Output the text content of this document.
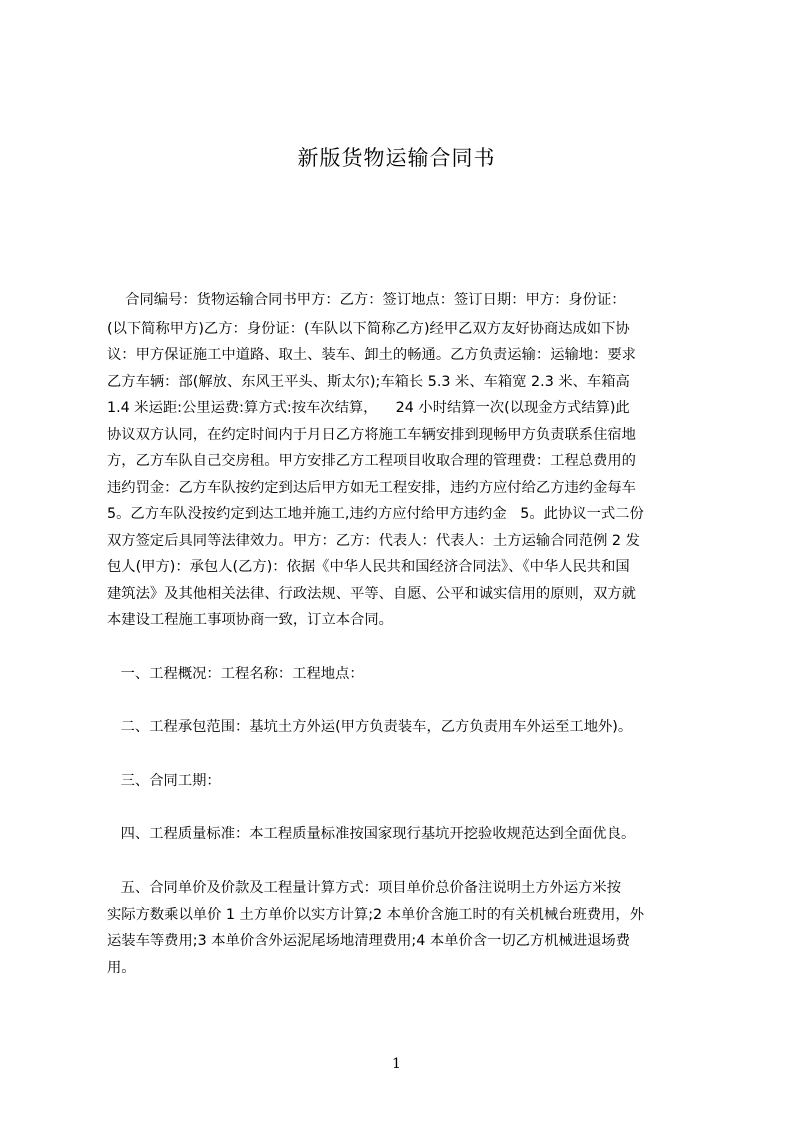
新版货物运输合同书
合同编号：货物运输合同书甲方：乙方：签订地点：签订日期：甲方：身份证：
(以下简称甲方)乙方：身份证：(车队以下简称乙方)经甲乙双方友好协商达成如下协
议：甲方保证施工中道路、取土、装车、卸土的畅通。乙方负责运输：运输地：要求
乙方车辆：部(解放、东风王平头、斯太尔);车箱长 5.3 米、车箱宽 2.3 米、车箱高
1.4 米运距:公里运费:算方式:按车次结算，    24 小时结算一次(以现金方式结算)此
协议双方认同，在约定时间内于月日乙方将施工车辆安排到现畅甲方负责联系住宿地
方，乙方车队自己交房租。甲方安排乙方工程项目收取合理的管理费：工程总费用的
违约罚金：乙方车队按约定到达后甲方如无工程安排，违约方应付给乙方违约金每车
5。乙方车队没按约定到达工地并施工,违约方应付给甲方违约金   5。此协议一式二份
双方签定后具同等法律效力。甲方：乙方：代表人：代表人：土方运输合同范例 2 发
包人(甲方)：承包人(乙方)：依据《中华人民共和国经济合同法》、《中华人民共和国
建筑法》及其他相关法律、行政法规、平等、自愿、公平和诚实信用的原则，双方就
本建设工程施工事项协商一致，订立本合同。
一、工程概况：工程名称：工程地点：
二、工程承包范围：基坑土方外运(甲方负责装车，乙方负责用车外运至工地外)。
三、合同工期：
四、工程质量标准：本工程质量标准按国家现行基坑开挖验收规范达到全面优良。
五、合同单价及价款及工程量计算方式：项目单价总价备注说明土方外运方米按
实际方数乘以单价 1 土方单价以实方计算;2 本单价含施工时的有关机械台班费用，外
运装车等费用;3 本单价含外运泥尾场地清理费用;4 本单价含一切乙方机械进退场费
用。
1
